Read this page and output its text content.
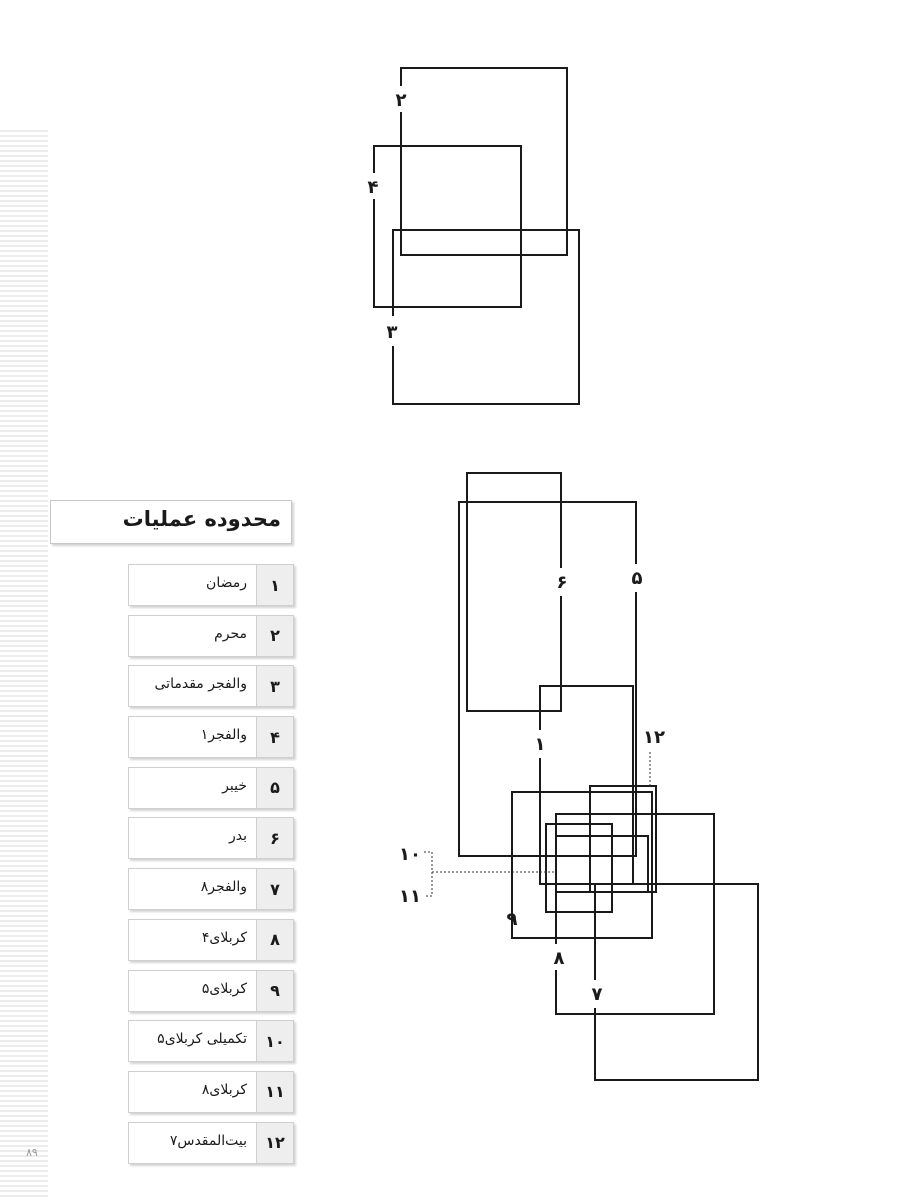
۲
۴
۳
۶	۵
۱	۱۲
۱۰
۱۱
۹
۸
۷
محدوده عملیات
۱
رمضان
۲
محرم
۳
والفجر مقدماتی
۴
والفجر۱
۵
خیبر
۶
بدر
۷
والفجر۸
۸
کربلای۴
۹
کربلای۵
۱۰
تکمیلی کربلای۵
۱۱
کربلای۸
۱۲
بیت‌المقدس۷
۸۹
